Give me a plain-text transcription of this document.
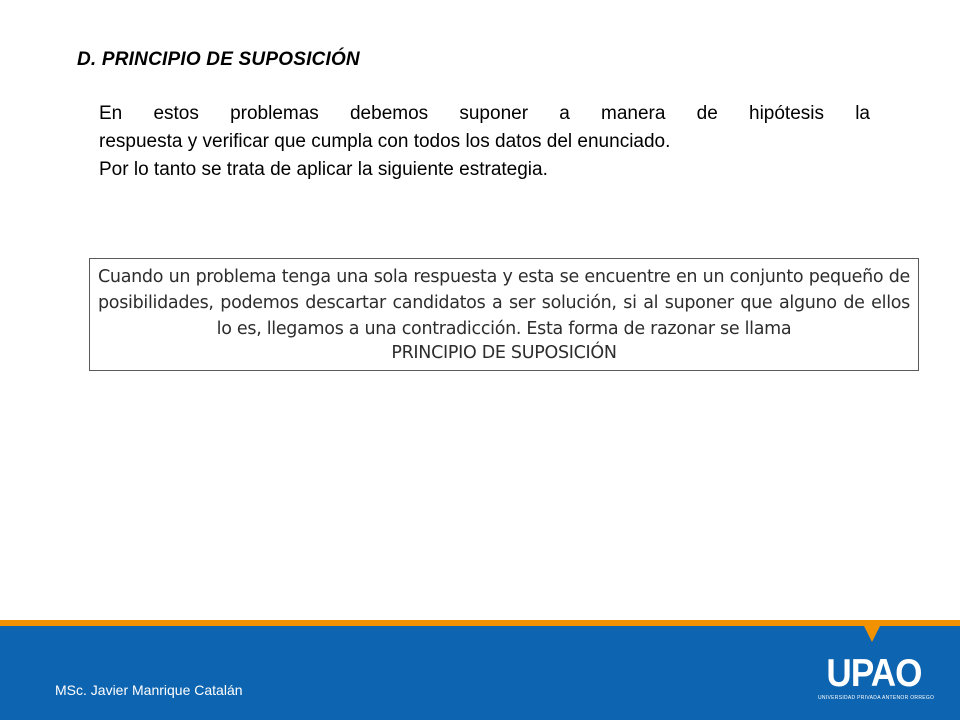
D. PRINCIPIO DE SUPOSICIÓN

En estos problemas debemos suponer a manera de hipótesis la

respuesta y verificar que cumpla con todos los datos del enunciado.

Por lo tanto se trata de aplicar la siguiente estrategia.

Cuando un problema tenga una sola respuesta y esta se encuentre en un conjunto pequeño de posibilidades, podemos descartar candidatos a ser solución, si al suponer que alguno de ellos lo es, llegamos a una contradicción. Esta forma de razonar se llama
PRINCIPIO DE SUPOSICIÓN
MSc. Javier Manrique Catalán	UPAO
UNIVERSIDAD PRIVADA ANTENOR ORREGO
